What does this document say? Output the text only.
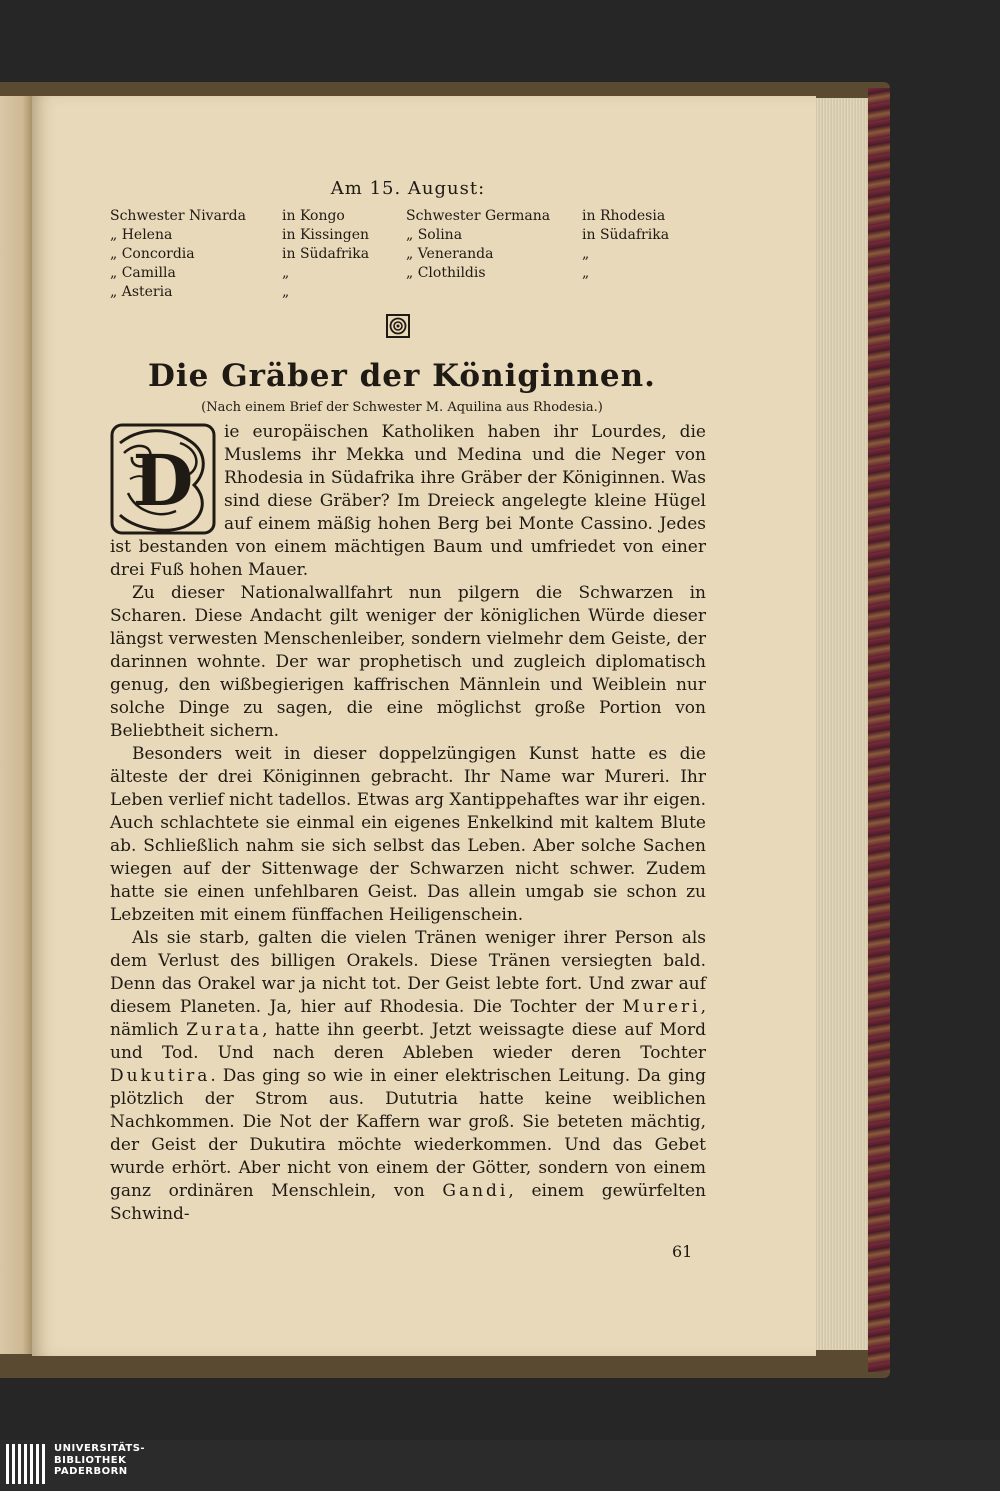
Am 15. August:
Schwester Nivarda	in Kongo	Schwester Germana	in Rhodesia
„ Helena	in Kissingen	„ Solina	in Südafrika
„ Concordia	in Südafrika	„ Veneranda	„
„ Camilla	„	„ Clothildis	„
„ Asteria	„
Die Gräber der Königinnen.
(Nach einem Brief der Schwester M. Aquilina aus Rhodesia.)

D
ie europäischen Katholiken haben ihr Lourdes, die Muslems ihr Mekka und Medina und die Neger von Rhodesia in Südafrika ihre Gräber der Königinnen. Was sind diese Gräber? Im Dreieck angelegte kleine Hügel auf einem mäßig hohen Berg bei Monte Cassino. Jedes ist bestanden von einem mächtigen Baum und umfriedet von einer drei Fuß hohen Mauer.

Zu dieser Nationalwallfahrt nun pilgern die Schwarzen in Scharen. Diese Andacht gilt weniger der königlichen Würde dieser längst verwesten Menschenleiber, sondern vielmehr dem Geiste, der darinnen wohnte. Der war prophetisch und zugleich diplomatisch genug, den wißbegierigen kaffrischen Männlein und Weiblein nur solche Dinge zu sagen, die eine möglichst große Portion von Beliebtheit sichern.

Besonders weit in dieser doppelzüngigen Kunst hatte es die älteste der drei Königinnen gebracht. Ihr Name war Mureri. Ihr Leben verlief nicht tadellos. Etwas arg Xantippehaftes war ihr eigen. Auch schlachtete sie einmal ein eigenes Enkelkind mit kaltem Blute ab. Schließlich nahm sie sich selbst das Leben. Aber solche Sachen wiegen auf der Sittenwage der Schwarzen nicht schwer. Zudem hatte sie einen unfehlbaren Geist. Das allein umgab sie schon zu Lebzeiten mit einem fünffachen Heiligenschein.

Als sie starb, galten die vielen Tränen weniger ihrer Person als dem Verlust des billigen Orakels. Diese Tränen versiegten bald. Denn das Orakel war ja nicht tot. Der Geist lebte fort. Und zwar auf diesem Planeten. Ja, hier auf Rhodesia. Die Tochter der Mureri, nämlich Zurata, hatte ihn geerbt. Jetzt weissagte diese auf Mord und Tod. Und nach deren Ableben wieder deren Tochter Dukutira. Das ging so wie in einer elektrischen Leitung. Da ging plötzlich der Strom aus. Dututria hatte keine weiblichen Nachkommen. Die Not der Kaffern war groß. Sie beteten mächtig, der Geist der Dukutira möchte wiederkommen. Und das Gebet wurde erhört. Aber nicht von einem der Götter, sondern von einem ganz ordinären Menschlein, von Gandi, einem gewürfelten Schwind-

61
UNIVERSITÄTS-
BIBLIOTHEK
PADERBORN
